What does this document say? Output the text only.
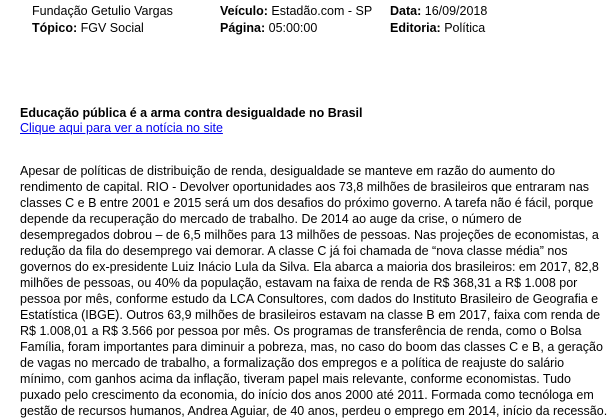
Fundação Getulio Vargas	Veículo: Estadão.com - SP Data: 16/09/2018
Tópico: FGV Social	Página: 05:00:00	Editoria: Política
Educação pública é a arma contra desigualdade no Brasil
Clique aqui para ver a notícia no site

Apesar de políticas de distribuição de renda, desigualdade se manteve em razão do aumento do
rendimento de capital. RIO - Devolver oportunidades aos 73,8 milhões de brasileiros que entraram nas
classes C e B entre 2001 e 2015 será um dos desafios do próximo governo. A tarefa não é fácil, porque
depende da recuperação do mercado de trabalho. De 2014 ao auge da crise, o número de
desempregados dobrou – de 6,5 milhões para 13 milhões de pessoas. Nas projeções de economistas, a
redução da fila do desemprego vai demorar. A classe C já foi chamada de “nova classe média” nos
governos do ex-presidente Luiz Inácio Lula da Silva. Ela abarca a maioria dos brasileiros: em 2017, 82,8
milhões de pessoas, ou 40% da população, estavam na faixa de renda de R$ 368,31 a R$ 1.008 por
pessoa por mês, conforme estudo da LCA Consultores, com dados do Instituto Brasileiro de Geografia e
Estatística (IBGE). Outros 63,9 milhões de brasileiros estavam na classe B em 2017, faixa com renda de
R$ 1.008,01 a R$ 3.566 por pessoa por mês. Os programas de transferência de renda, como o Bolsa
Família, foram importantes para diminuir a pobreza, mas, no caso do boom das classes C e B, a geração
de vagas no mercado de trabalho, a formalização dos empregos e a política de reajuste do salário
mínimo, com ganhos acima da inflação, tiveram papel mais relevante, conforme economistas. Tudo
puxado pelo crescimento da economia, do início dos anos 2000 até 2011. Formada como tecnóloga em
gestão de recursos humanos, Andrea Aguiar, de 40 anos, perdeu o emprego em 2014, início da recessão.
